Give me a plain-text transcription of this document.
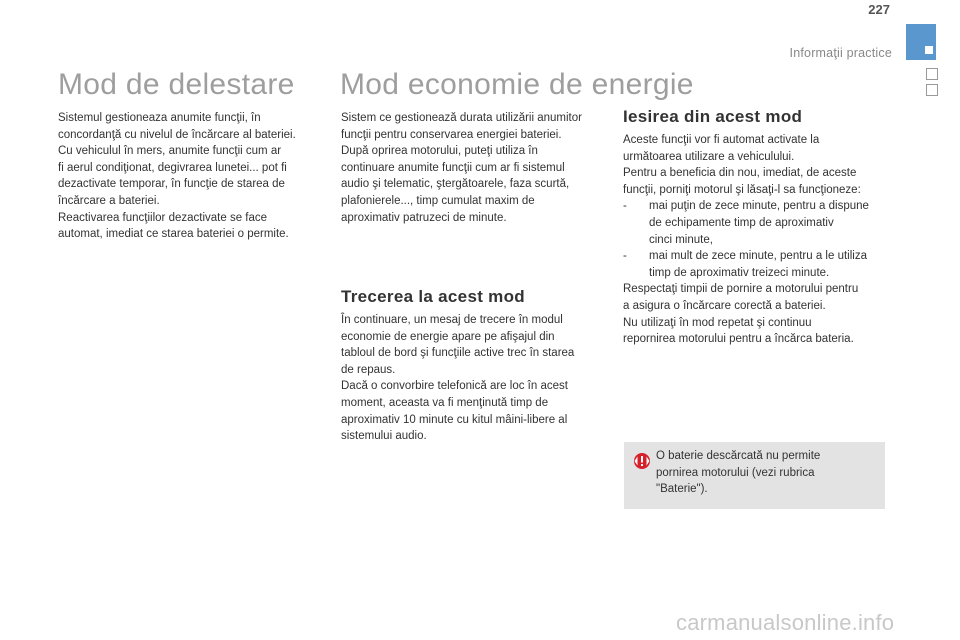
227
Informaţii practice
Mod de delestare

Sistemul gestioneaza anumite funcţii, în

concordanţă cu nivelul de încărcare al bateriei.

Cu vehiculul în mers, anumite funcţii cum ar

fi aerul condiţionat, degivrarea lunetei... pot fi

dezactivate temporar, în funcţie de starea de

încărcare a bateriei.

Reactivarea funcţiilor dezactivate se face

automat, imediat ce starea bateriei o permite.

Mod economie de energie

Sistem ce gestionează durata utilizării anumitor

funcţii pentru conservarea energiei bateriei.

După oprirea motorului, puteţi utiliza în

continuare anumite funcţii cum ar fi sistemul

audio şi telematic, ştergătoarele, faza scurtă,

plafonierele..., timp cumulat maxim de

aproximativ patruzeci de minute.

Trecerea la acest mod

În continuare, un mesaj de trecere în modul

economie de energie apare pe afişajul din

tabloul de bord şi funcţiile active trec în starea

de repaus.

Dacă o convorbire telefonică are loc în acest

moment, aceasta va fi menţinută timp de

aproximativ 10 minute cu kitul mâini-libere al

sistemului audio.

Iesirea din acest mod

Aceste funcţii vor fi automat activate la

următoarea utilizare a vehiculului.

Pentru a beneficia din nou, imediat, de aceste

funcţii, porniţi motorul şi lăsaţi-l sa funcţioneze:

-	mai puţin de zece minute, pentru a dispune

de echipamente timp de aproximativ

cinci minute,

-	mai mult de zece minute, pentru a le utiliza

timp de aproximativ treizeci minute.

Respectaţi timpii de pornire a motorului pentru

a asigura o încărcare corectă a bateriei.

Nu utilizaţi în mod repetat şi continuu

repornirea motorului pentru a încărca bateria.

O baterie descărcată nu permite
pornirea motorului (vezi rubrica
"Baterie").
carmanualsonline.info
